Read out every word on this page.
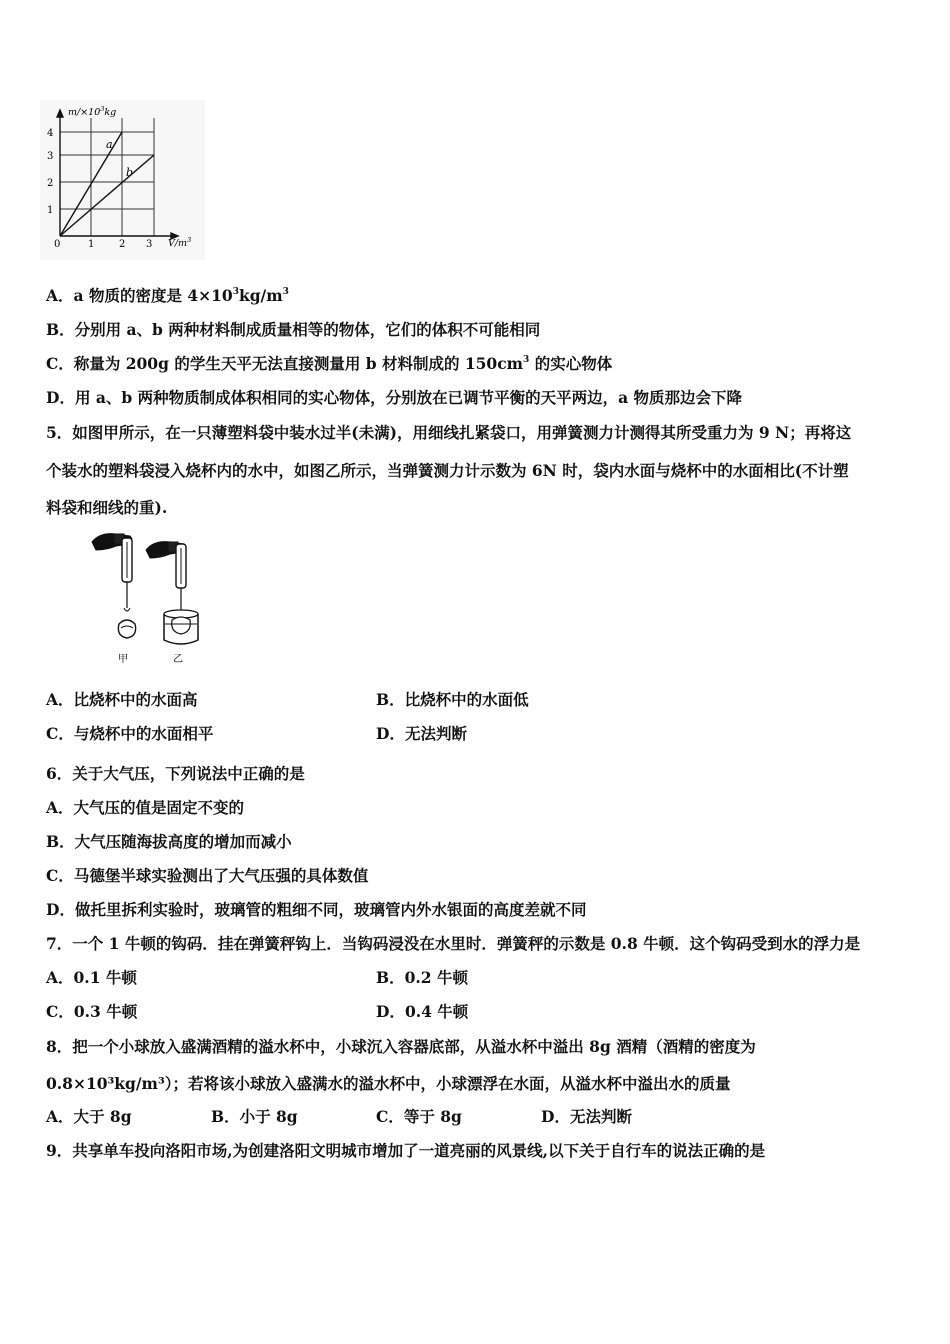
a
b
$m/\times 10^3kg$
$V/m^3$
1
2
3
4
0	1 2 3
A．a 物质的密度是 $4\times 10^3kg/m^3$
B．分别用 a、b 两种材料制成质量相等的物体，它们的体积不可能相同
C．称量为 200g 的学生天平无法直接测量用 b 材料制成的 $150cm^3$ 的实心物体
D．用 a、b 两种物质制成体积相同的实心物体，分别放在已调节平衡的天平两边，a 物质那边会下降
5．如图甲所示，在一只薄塑料袋中装水过半(未满)，用细线扎紧袋口，用弹簧测力计测得其所受重力为 9 N；再将这
个装水的塑料袋浸入烧杯内的水中，如图乙所示，当弹簧测力计示数为 6N 时，袋内水面与烧杯中的水面相比(不计塑
料袋和细线的重).
甲	乙
A．比烧杯中的水面高	B．比烧杯中的水面低
C．与烧杯中的水面相平	D．无法判断
6．关于大气压，下列说法中正确的是
A．大气压的值是固定不变的
B．大气压随海拔高度的增加而减小
C．马德堡半球实验测出了大气压强的具体数值
D．做托里拆利实验时，玻璃管的粗细不同，玻璃管内外水银面的高度差就不同
7．一个 1 牛顿的钩码．挂在弹簧秤钩上．当钩码浸没在水里时．弹簧秤的示数是 0.8 牛顿．这个钩码受到水的浮力是
A．0.1 牛顿	B．0.2 牛顿
C．0.3 牛顿	D．0.4 牛顿
8．把一个小球放入盛满酒精的溢水杯中，小球沉入容器底部，从溢水杯中溢出 8g 酒精（酒精的密度为
0.8×10³kg/m³）；若将该小球放入盛满水的溢水杯中，小球漂浮在水面，从溢水杯中溢出水的质量
A．大于 8g	B．小于 8g	C．等于 8g	D．无法判断
9．共享单车投向洛阳市场,为创建洛阳文明城市增加了一道亮丽的风景线,以下关于自行车的说法正确的是
